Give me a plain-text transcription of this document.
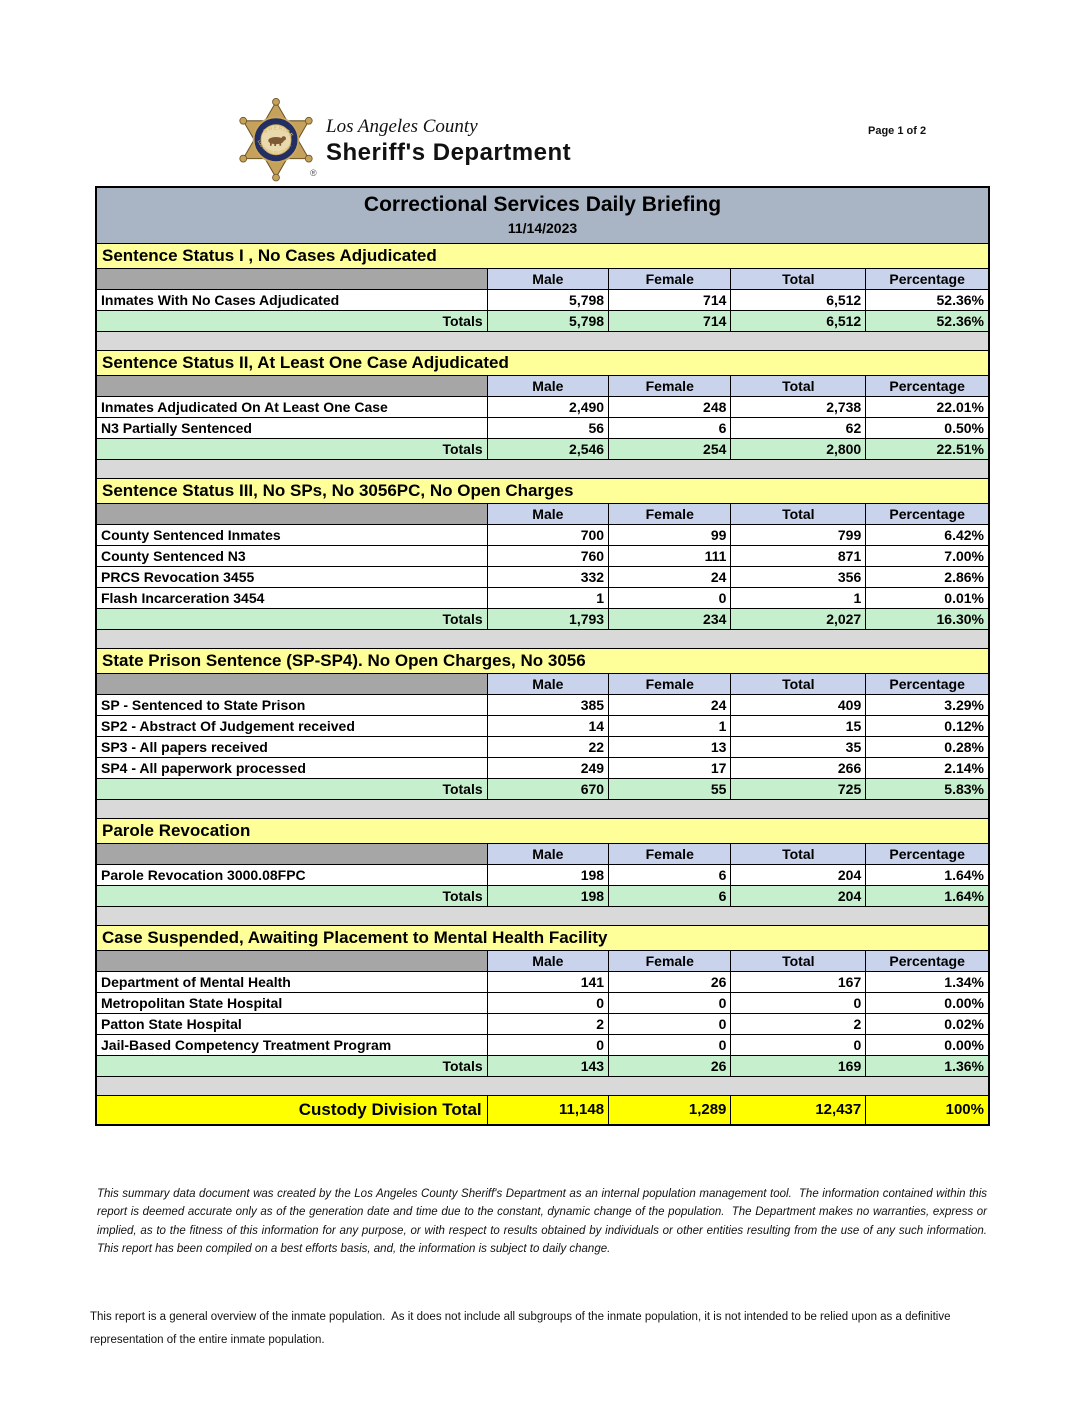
SHERIFF
LOS ANGELES COUNTY
®
Los Angeles County
Sheriff's Department
Page 1 of 2
Correctional Services Daily Briefing
11/14/2023				

Sentence Status I , No Cases Adjudicated				
	Male	Female	Total	Percentage
Inmates With No Cases Adjudicated	5,798	714	6,512	52.36%
Totals	5,798	714	6,512	52.36%

Sentence Status II, At Least One Case Adjudicated				
	Male	Female	Total	Percentage
Inmates Adjudicated On At Least One Case	2,490	248	2,738	22.01%
N3 Partially Sentenced	56	6	62	0.50%
Totals	2,546	254	2,800	22.51%

Sentence Status III, No SPs, No 3056PC, No Open Charges				
	Male	Female	Total	Percentage
County Sentenced Inmates	700	99	799	6.42%
County Sentenced N3	760	111	871	7.00%
PRCS Revocation 3455	332	24	356	2.86%
Flash Incarceration 3454	1	0	1	0.01%
Totals	1,793	234	2,027	16.30%

State Prison Sentence (SP-SP4). No Open Charges, No 3056				
	Male	Female	Total	Percentage
SP - Sentenced to State Prison	385	24	409	3.29%
SP2 - Abstract Of Judgement received	14	1	15	0.12%
SP3 - All papers received	22	13	35	0.28%
SP4 - All paperwork processed	249	17	266	2.14%
Totals	670	55	725	5.83%

Parole Revocation				
	Male	Female	Total	Percentage
Parole Revocation 3000.08FPC	198	6	204	1.64%
Totals	198	6	204	1.64%

Case Suspended, Awaiting Placement to Mental Health Facility				
	Male	Female	Total	Percentage
Department of Mental Health	141	26	167	1.34%
Metropolitan State Hospital	0	0	0	0.00%
Patton State Hospital	2	0	2	0.02%
Jail-Based Competency Treatment Program	0	0	0	0.00%
Totals	143	26	169	1.36%

Custody Division Total	11,148	1,289	12,437	100%
This summary data document was created by the Los Angeles County Sheriff's Department as an internal population management tool.  The information contained within this report is deemed accurate only as of the generation date and time due to the constant, dynamic change of the population.  The Department makes no warranties, express or implied, as to the fitness of this information for any purpose, or with respect to results obtained by individuals or other entities resulting from the use of any such information.  This report has been compiled on a best efforts basis, and, the information is subject to daily change.
This report is a general overview of the inmate population.  As it does not include all subgroups of the inmate population, it is not intended to be relied upon as a definitive representation of the entire inmate population.
